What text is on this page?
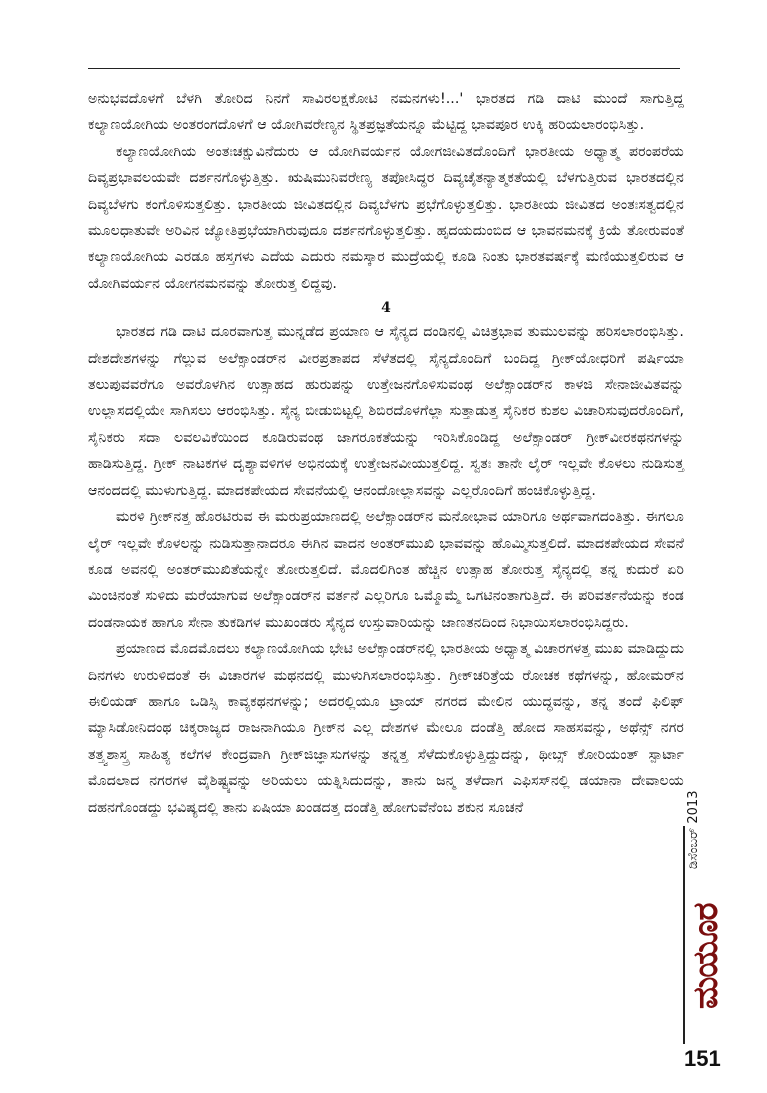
ಅನುಭವದೊಳಗೆ ಬೆಳಗಿ ತೋರಿದ ನಿನಗೆ ಸಾವಿರಲಕ್ಷಕೋಟಿ ನಮನಗಳು!...' ಭಾರತದ ಗಡಿ ದಾಟಿ ಮುಂದೆ ಸಾಗುತ್ತಿದ್ದ ಕಲ್ಯಾಣಯೋಗಿಯ ಅಂತರಂಗದೊಳಗೆ ಆ ಯೋಗಿವರೇಣ್ಯನ ಸ್ಥಿತಪ್ರಜ್ಞತೆಯನ್ನೂ ಮೆಟ್ಟಿದ್ದ ಭಾವಪೂರ ಉಕ್ಕಿ ಹರಿಯಲಾರಂಭಿಸಿತ್ತು.

ಕಲ್ಯಾಣಯೋಗಿಯ ಅಂತಃಚಕ್ಷುವಿನೆದುರು ಆ ಯೋಗಿವರ್ಯನ ಯೋಗಜೀವಿತದೊಂದಿಗೆ ಭಾರತೀಯ ಅಧ್ಯಾತ್ಮ ಪರಂಪರೆಯ ದಿವ್ಯಪ್ರಭಾವಲಯವೇ ದರ್ಶನಗೊಳ್ಳುತ್ತಿತ್ತು. ಋಷಿಮುನಿವರೇಣ್ಯ ತಪೋಸಿದ್ಧರ ದಿವ್ಯಚೈತನ್ಯಾತ್ಮಕತೆಯಲ್ಲಿ ಬೆಳಗುತ್ತಿರುವ ಭಾರತದಲ್ಲಿನ ದಿವ್ಯಬೆಳಗು ಕಂಗೊಳಿಸುತ್ತಲಿತ್ತು. ಭಾರತೀಯ ಜೀವಿತದಲ್ಲಿನ ದಿವ್ಯಬೆಳಗು ಪ್ರಭೆಗೊಳ್ಳುತ್ತಲಿತ್ತು. ಭಾರತೀಯ ಜೀವಿತದ ಅಂತಃಸತ್ವದಲ್ಲಿನ ಮೂಲಧಾತುವೇ ಅರಿವಿನ ಜ್ಯೋತಿಪ್ರಭೆಯಾಗಿರುವುದೂ ದರ್ಶನಗೊಳ್ಳುತ್ತಲಿತ್ತು. ಹೃದಯದುಂಬಿದ ಆ ಭಾವನಮನಕ್ಕೆ ಕ್ರಿಯೆ ತೋರುವಂತೆ ಕಲ್ಯಾಣಯೋಗಿಯ ಎರಡೂ ಹಸ್ತಗಳು ಎದೆಯ ಎದುರು ನಮಸ್ಕಾರ ಮುದ್ರೆಯಲ್ಲಿ ಕೂಡಿ ನಿಂತು ಭಾರತವರ್ಷಕ್ಕೆ ಮಣಿಯುತ್ತಲಿರುವ ಆ ಯೋಗಿವರ್ಯನ ಯೋಗನಮನವನ್ನು ತೋರುತ್ತ ಲಿದ್ದವು.

4

ಭಾರತದ ಗಡಿ ದಾಟಿ ದೂರವಾಗುತ್ತ ಮುನ್ನಡೆದ ಪ್ರಯಾಣ ಆ ಸೈನ್ಯದ ದಂಡಿನಲ್ಲಿ ವಿಚಿತ್ರಭಾವ ತುಮುಲವನ್ನು ಹರಿಸಲಾರಂಭಿಸಿತ್ತು. ದೇಶದೇಶಗಳನ್ನು ಗೆಲ್ಲುವ ಅಲೆಕ್ಸಾಂಡರ್‌ನ ವೀರಪ್ರತಾಪದ ಸೆಳೆತದಲ್ಲಿ ಸೈನ್ಯದೊಂದಿಗೆ ಬಂದಿದ್ದ ಗ್ರೀಕ್‌ಯೋಧರಿಗೆ ಪರ್ಷಿಯಾ ತಲುಪುವವರೆಗೂ ಅವರೊಳಗಿನ ಉತ್ಸಾಹದ ಹುರುಪನ್ನು ಉತ್ತೇಜನಗೊಳಿಸುವಂಥ ಅಲೆಕ್ಸಾಂಡರ್‌ನ ಕಾಳಜಿ ಸೇನಾಜೀವಿತವನ್ನು ಉಲ್ಲಾಸದಲ್ಲಿಯೇ ಸಾಗಿಸಲು ಆರಂಭಿಸಿತ್ತು. ಸೈನ್ಯ ಬೀಡುಬಿಟ್ಟಲ್ಲಿ ಶಿಬಿರದೊಳಗೆಲ್ಲಾ ಸುತ್ತಾಡುತ್ತ ಸೈನಿಕರ ಕುಶಲ ವಿಚಾರಿಸುವುದರೊಂದಿಗೆ, ಸೈನಿಕರು ಸದಾ ಲವಲವಿಕೆಯಿಂದ ಕೂಡಿರುವಂಥ ಜಾಗರೂಕತೆಯನ್ನು ಇರಿಸಿಕೊಂಡಿದ್ದ ಅಲೆಕ್ಸಾಂಡರ್ ಗ್ರೀಕ್‌ವೀರಕಥನಗಳನ್ನು ಹಾಡಿಸುತ್ತಿದ್ದ. ಗ್ರೀಕ್ ನಾಟಕಗಳ ದೃಶ್ಯಾವಳಿಗಳ ಅಭಿನಯಕ್ಕೆ ಉತ್ತೇಜನವೀಯುತ್ತಲಿದ್ದ. ಸ್ವತಃ ತಾನೇ ಲೈರ್ ಇಲ್ಲವೇ ಕೊಳಲು ನುಡಿಸುತ್ತ ಆನಂದದಲ್ಲಿ ಮುಳುಗುತ್ತಿದ್ದ. ಮಾದಕಪೇಯದ ಸೇವನೆಯಲ್ಲಿ ಆನಂದೋಲ್ಲಾಸವನ್ನು ಎಲ್ಲರೊಂದಿಗೆ ಹಂಚಿಕೊಳ್ಳುತ್ತಿದ್ದ.

ಮರಳಿ ಗ್ರೀಕ್‌ನತ್ತ ಹೊರಟಿರುವ ಈ ಮರುಪ್ರಯಾಣದಲ್ಲಿ ಅಲೆಕ್ಸಾಂಡರ್‌ನ ಮನೋಭಾವ ಯಾರಿಗೂ ಅರ್ಥವಾಗದಂತಿತ್ತು. ಈಗಲೂ ಲೈರ್ ಇಲ್ಲವೇ ಕೊಳಲನ್ನು ನುಡಿಸುತ್ತಾನಾದರೂ ಈಗಿನ ವಾದನ ಅಂತರ್‌ಮುಖಿ ಭಾವವನ್ನು ಹೊಮ್ಮಿಸುತ್ತಲಿದೆ. ಮಾದಕಪೇಯದ ಸೇವನೆ ಕೂಡ ಅವನಲ್ಲಿ ಅಂತರ್‌ಮುಖಿತೆಯನ್ನೇ ತೋರುತ್ತಲಿದೆ. ಮೊದಲಿಗಿಂತ ಹೆಚ್ಚಿನ ಉತ್ಸಾಹ ತೋರುತ್ತ ಸೈನ್ಯದಲ್ಲಿ ತನ್ನ ಕುದುರೆ ಏರಿ ಮಿಂಚಿನಂತೆ ಸುಳಿದು ಮರೆಯಾಗುವ ಅಲೆಕ್ಸಾಂಡರ್‌ನ ವರ್ತನೆ ಎಲ್ಲರಿಗೂ ಒಮ್ಮೊಮ್ಮೆ ಒಗಟಿನಂತಾಗುತ್ತಿದೆ. ಈ ಪರಿವರ್ತನೆಯನ್ನು ಕಂಡ ದಂಡನಾಯಕ ಹಾಗೂ ಸೇನಾ ತುಕಡಿಗಳ ಮುಖಂಡರು ಸೈನ್ಯದ ಉಸ್ತುವಾರಿಯನ್ನು ಜಾಣತನದಿಂದ ನಿಭಾಯಿಸಲಾರಂಭಿಸಿದ್ದರು.

ಪ್ರಯಾಣದ ಮೊದಮೊದಲು ಕಲ್ಯಾಣಯೋಗಿಯ ಭೇಟಿ ಅಲೆಕ್ಸಾಂಡರ್‌ನಲ್ಲಿ ಭಾರತೀಯ ಅಧ್ಯಾತ್ಮ ವಿಚಾರಗಳತ್ತ ಮುಖ ಮಾಡಿದ್ದುದು ದಿನಗಳು ಉರುಳಿದಂತೆ ಈ ವಿಚಾರಗಳ ಮಥನದಲ್ಲಿ ಮುಳುಗಿಸಲಾರಂಭಿಸಿತ್ತು. ಗ್ರೀಕ್‌ಚರಿತ್ರೆಯ ರೋಚಕ ಕಥೆಗಳನ್ನು, ಹೋಮರ್‌ನ ಈಲಿಯಡ್ ಹಾಗೂ ಒಡಿಸ್ಸಿ ಕಾವ್ಯಕಥನಗಳನ್ನು; ಅದರಲ್ಲಿಯೂ ಟ್ರಾಯ್ ನಗರದ ಮೇಲಿನ ಯುದ್ಧವನ್ನು, ತನ್ನ ತಂದೆ ಫಿಲಿಫ್ ಮ್ಯಾಸಿಡೋನಿದಂಥ ಚಿಕ್ಕರಾಜ್ಯದ ರಾಜನಾಗಿಯೂ ಗ್ರೀಕ್‌ನ ಎಲ್ಲ ದೇಶಗಳ ಮೇಲೂ ದಂಡೆತ್ತಿ ಹೋದ ಸಾಹಸವನ್ನು, ಅಥೆನ್ಸ್ ನಗರ ತತ್ತ್ವಶಾಸ್ತ್ರ ಸಾಹಿತ್ಯ ಕಲೆಗಳ ಕೇಂದ್ರವಾಗಿ ಗ್ರೀಕ್‌ಜಿಜ್ಞಾಸುಗಳನ್ನು ತನ್ನತ್ತ ಸೆಳೆದುಕೊಳ್ಳುತ್ತಿದ್ದುದನ್ನು, ಥೀಬ್ಸ್ ಕೋರಿಯಂತ್ ಸ್ಪಾರ್ಟಾ ಮೊದಲಾದ ನಗರಗಳ ವೈಶಿಷ್ಟ್ಯವನ್ನು ಅರಿಯಲು ಯತ್ನಿಸಿದುದನ್ನು, ತಾನು ಜನ್ಮ ತಳೆದಾಗ ಎಫಿಸಸ್‌ನಲ್ಲಿ ಡಯಾನಾ ದೇವಾಲಯ ದಹನಗೊಂಡದ್ದು ಭವಿಷ್ಯದಲ್ಲಿ ತಾನು ಏಷಿಯಾ ಖಂಡದತ್ತ ದಂಡೆತ್ತಿ ಹೋಗುವೆನೆಂಬ ಶಕುನ ಸೂಚನೆ	ಡಿಸೆಂಬರ್ 2013
ಮಯೂರ
151
